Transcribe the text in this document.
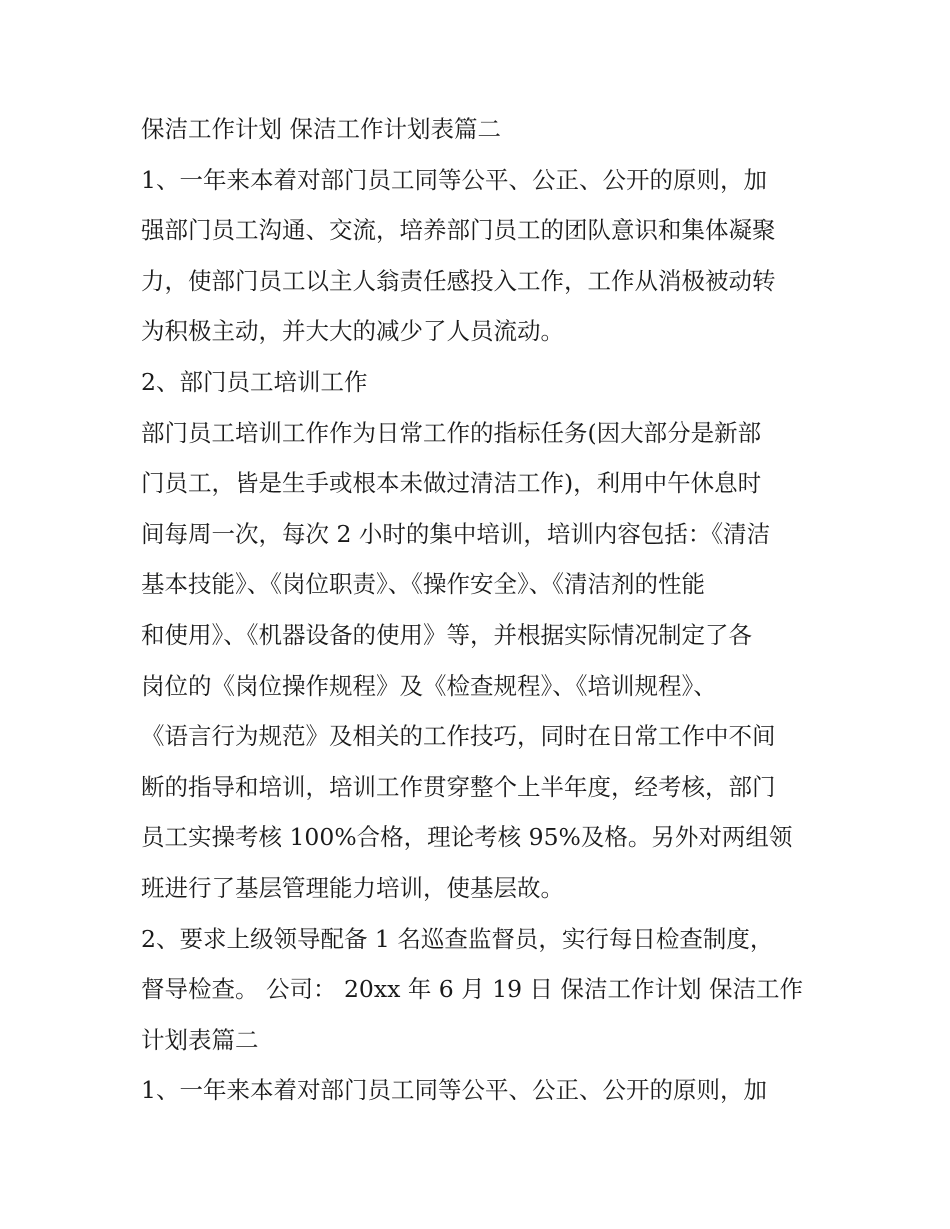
保洁工作计划 保洁工作计划表篇二
1、一年来本着对部门员工同等公平、公正、公开的原则，加
强部门员工沟通、交流，培养部门员工的团队意识和集体凝聚
力，使部门员工以主人翁责任感投入工作，工作从消极被动转
为积极主动，并大大的减少了人员流动。
2、部门员工培训工作
部门员工培训工作作为日常工作的指标任务(因大部分是新部
门员工，皆是生手或根本未做过清洁工作)，利用中午休息时
间每周一次，每次 2 小时的集中培训，培训内容包括：《清洁
基本技能》、《岗位职责》、《操作安全》、《清洁剂的性能
和使用》、《机器设备的使用》等，并根据实际情况制定了各
岗位的《岗位操作规程》及《检查规程》、《培训规程》、
《语言行为规范》及相关的工作技巧，同时在日常工作中不间
断的指导和培训，培训工作贯穿整个上半年度，经考核，部门
员工实操考核 100%合格，理论考核 95%及格。另外对两组领
班进行了基层管理能力培训，使基层故。
2、要求上级领导配备 1 名巡查监督员，实行每日检查制度，
督导检查。 公司： 20xx 年 6 月 19 日 保洁工作计划 保洁工作
计划表篇二
1、一年来本着对部门员工同等公平、公正、公开的原则，加
